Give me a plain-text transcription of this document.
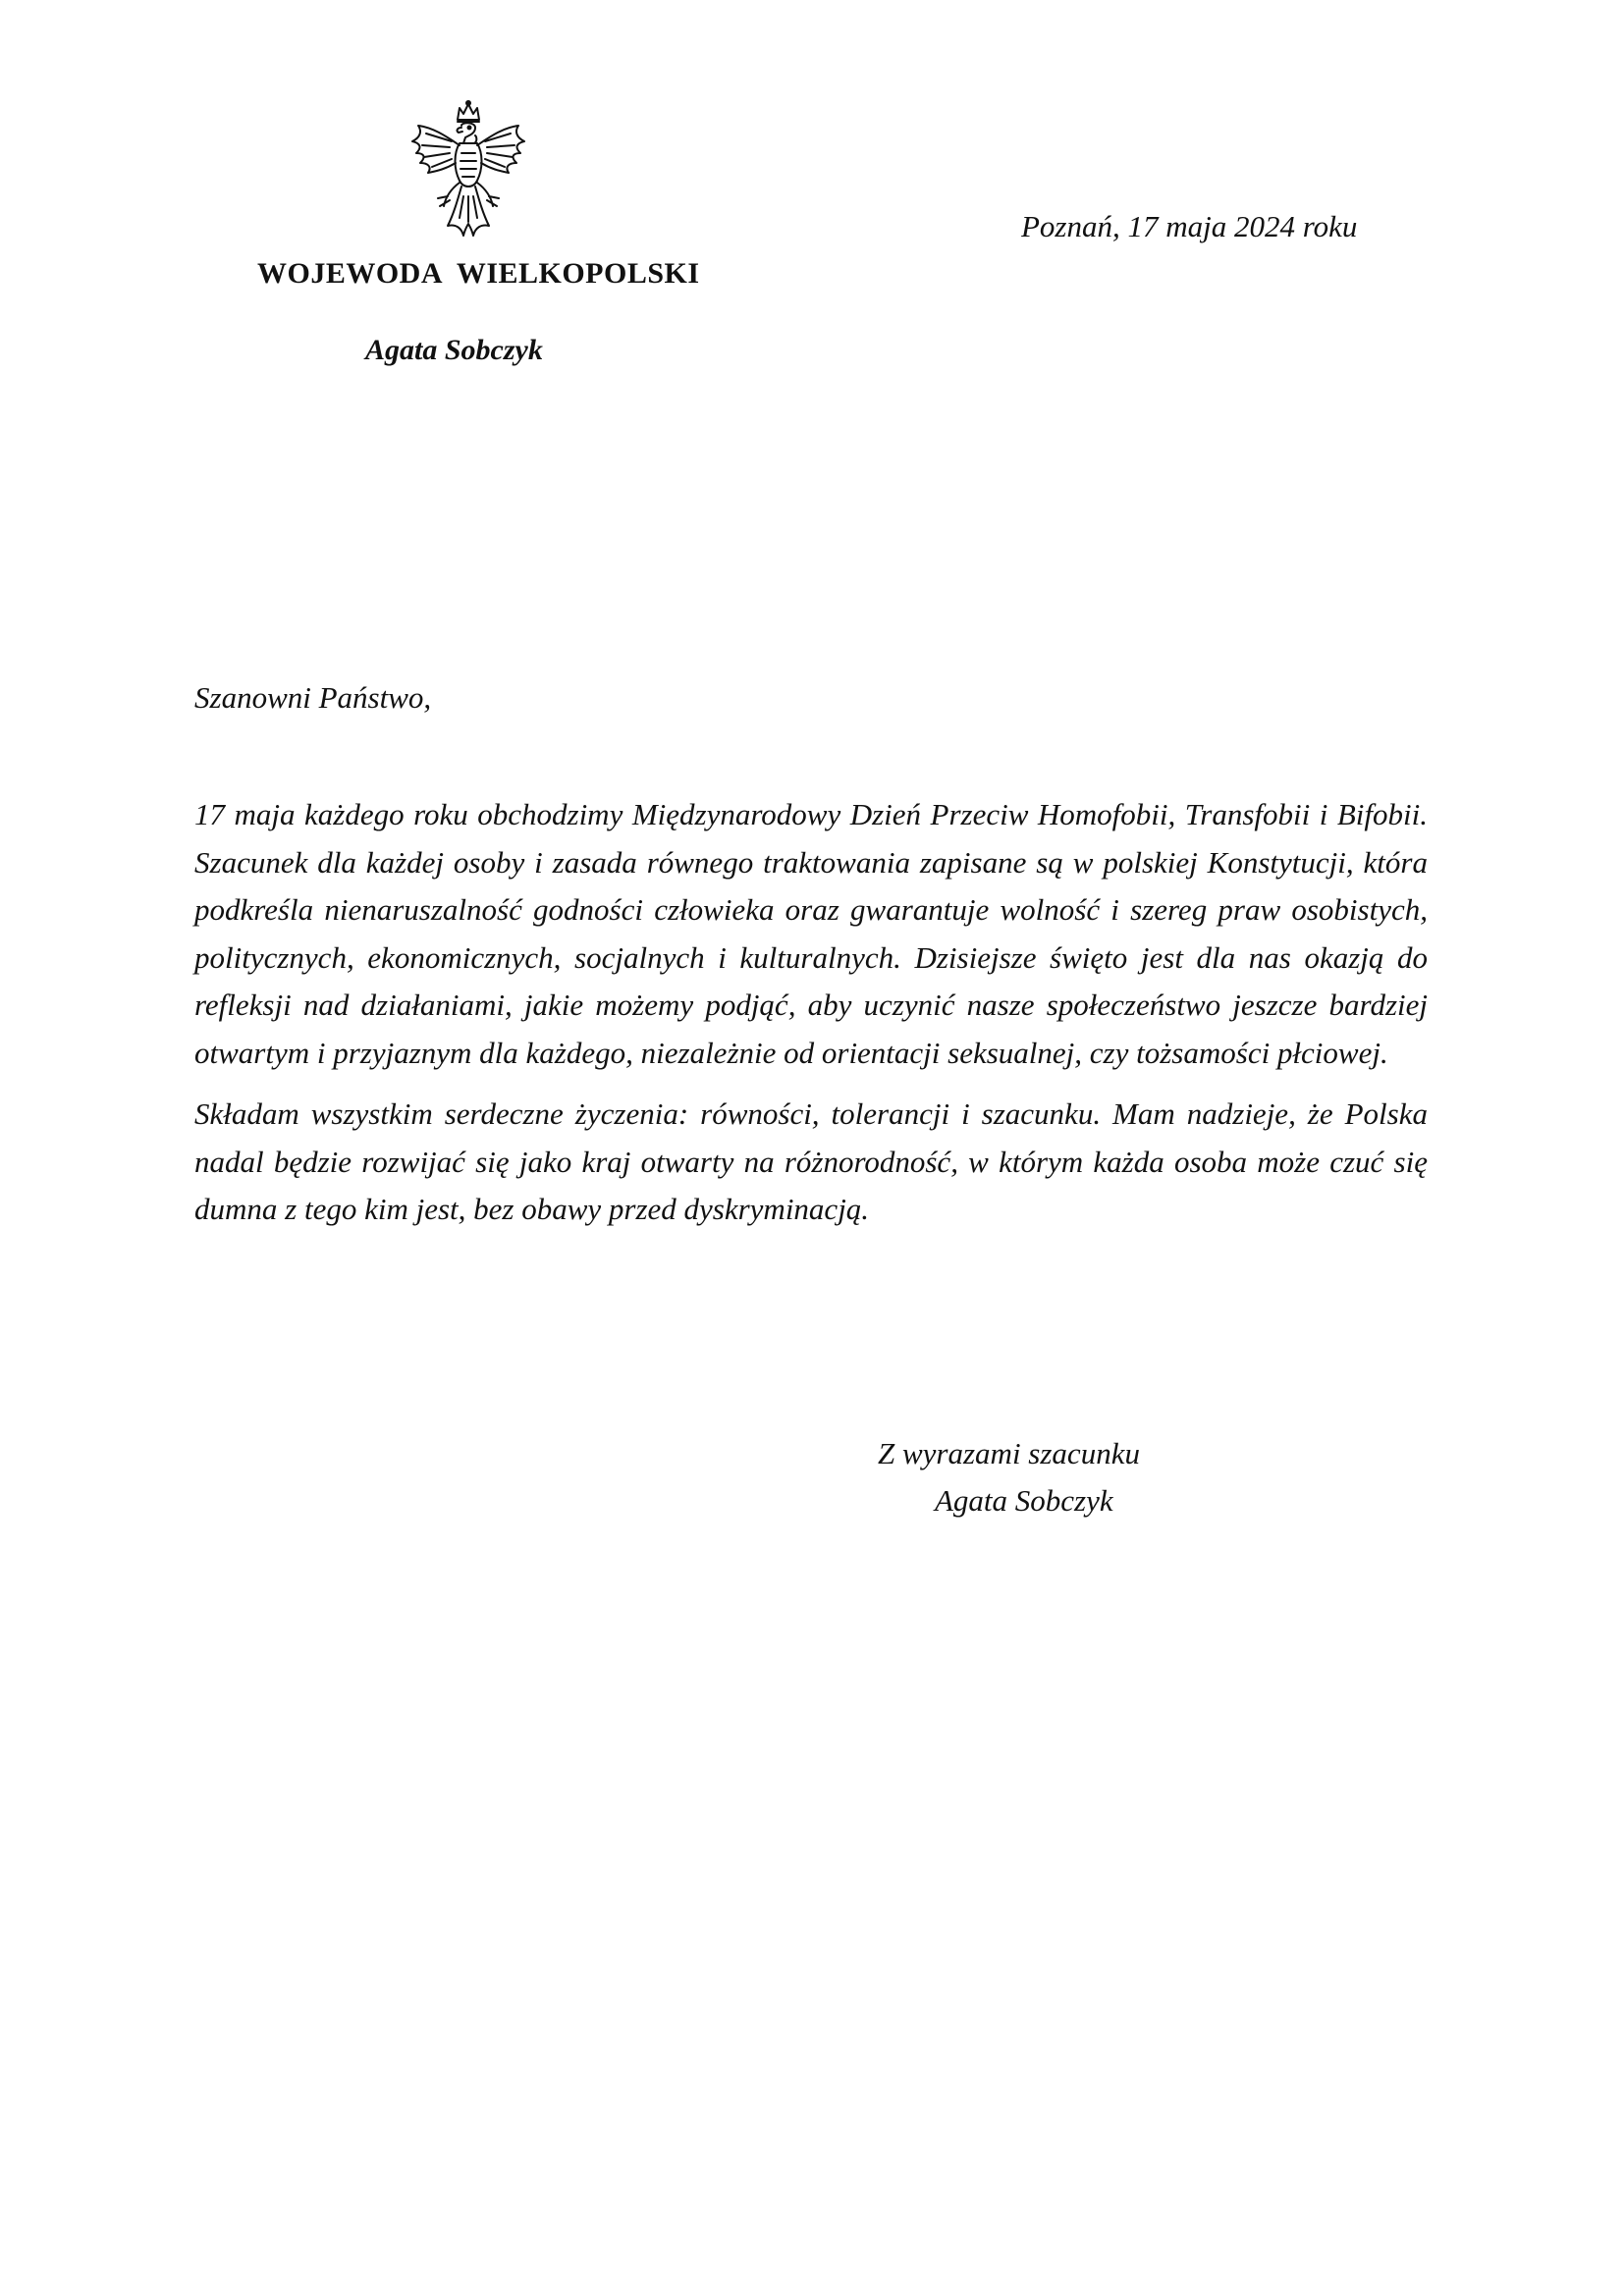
WOJEWODA WIELKOPOLSKI
Agata Sobczyk
Poznań, 17 maja 2024 roku
Szanowni Państwo,

17 maja każdego roku obchodzimy Międzynarodowy Dzień Przeciw Homofobii, Transfobii i Bifobii. Szacunek dla każdej osoby i zasada równego traktowania zapisane są w polskiej Konstytucji, która podkreśla nienaruszalność godności człowieka oraz gwarantuje wolność i szereg praw osobistych, politycznych, ekonomicznych, socjalnych i kulturalnych. Dzisiejsze święto jest dla nas okazją do refleksji nad działaniami, jakie możemy podjąć, aby uczynić nasze społeczeństwo jeszcze bardziej otwartym i przyjaznym dla każdego, niezależnie od orientacji seksualnej, czy tożsamości płciowej.

Składam wszystkim serdeczne życzenia: równości, tolerancji i szacunku. Mam nadzieje, że Polska nadal będzie rozwijać się jako kraj otwarty na różnorodność, w którym każda osoba może czuć się dumna z tego kim jest, bez obawy przed dyskryminacją.

Z wyrazami szacunku
Agata Sobczyk
